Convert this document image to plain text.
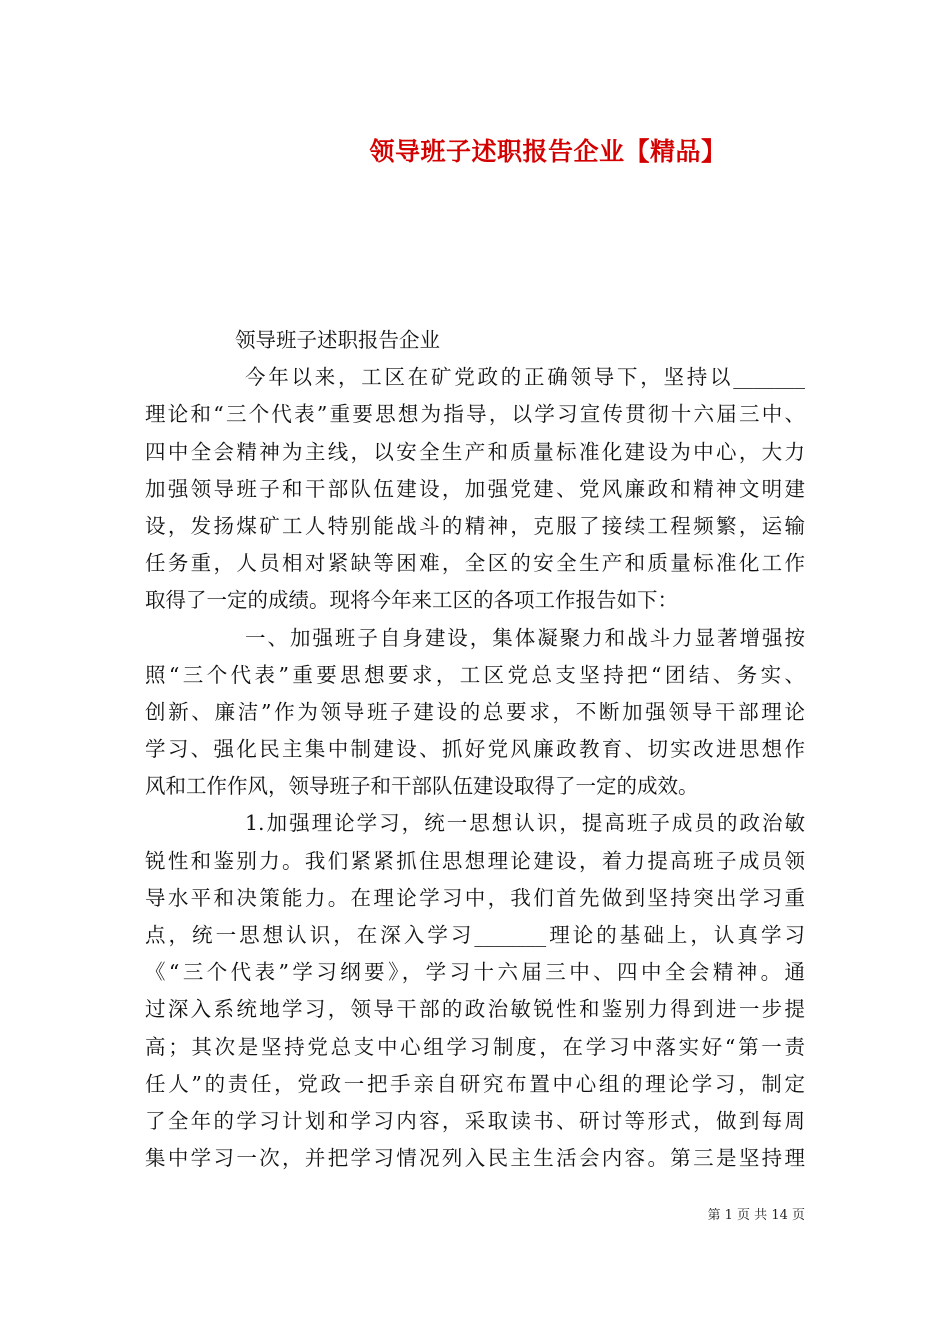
领导班子述职报告企业【精品】
领导班子述职报告企业
今年以来，工区在矿党政的正确领导下，坚持以_______
理论和“三个代表”重要思想为指导，以学习宣传贯彻十六届三中、
四中全会精神为主线，以安全生产和质量标准化建设为中心，大力
加强领导班子和干部队伍建设，加强党建、党风廉政和精神文明建
设，发扬煤矿工人特别能战斗的精神，克服了接续工程频繁，运输
任务重，人员相对紧缺等困难，全区的安全生产和质量标准化工作
取得了一定的成绩。现将今年来工区的各项工作报告如下：
一、加强班子自身建设，集体凝聚力和战斗力显著增强按
照“三个代表”重要思想要求，工区党总支坚持把“团结、务实、
创新、廉洁”作为领导班子建设的总要求，不断加强领导干部理论
学习、强化民主集中制建设、抓好党风廉政教育、切实改进思想作
风和工作作风，领导班子和干部队伍建设取得了一定的成效。
1.加强理论学习，统一思想认识，提高班子成员的政治敏
锐性和鉴别力。我们紧紧抓住思想理论建设，着力提高班子成员领
导水平和决策能力。在理论学习中，我们首先做到坚持突出学习重
点，统一思想认识，在深入学习_______理论的基础上，认真学习
《“三个代表”学习纲要》，学习十六届三中、四中全会精神。通
过深入系统地学习，领导干部的政治敏锐性和鉴别力得到进一步提
高；其次是坚持党总支中心组学习制度，在学习中落实好“第一责
任人”的责任，党政一把手亲自研究布置中心组的理论学习，制定
了全年的学习计划和学习内容，采取读书、研讨等形式，做到每周
集中学习一次，并把学习情况列入民主生活会内容。第三是坚持理
第 1 页 共 14 页
